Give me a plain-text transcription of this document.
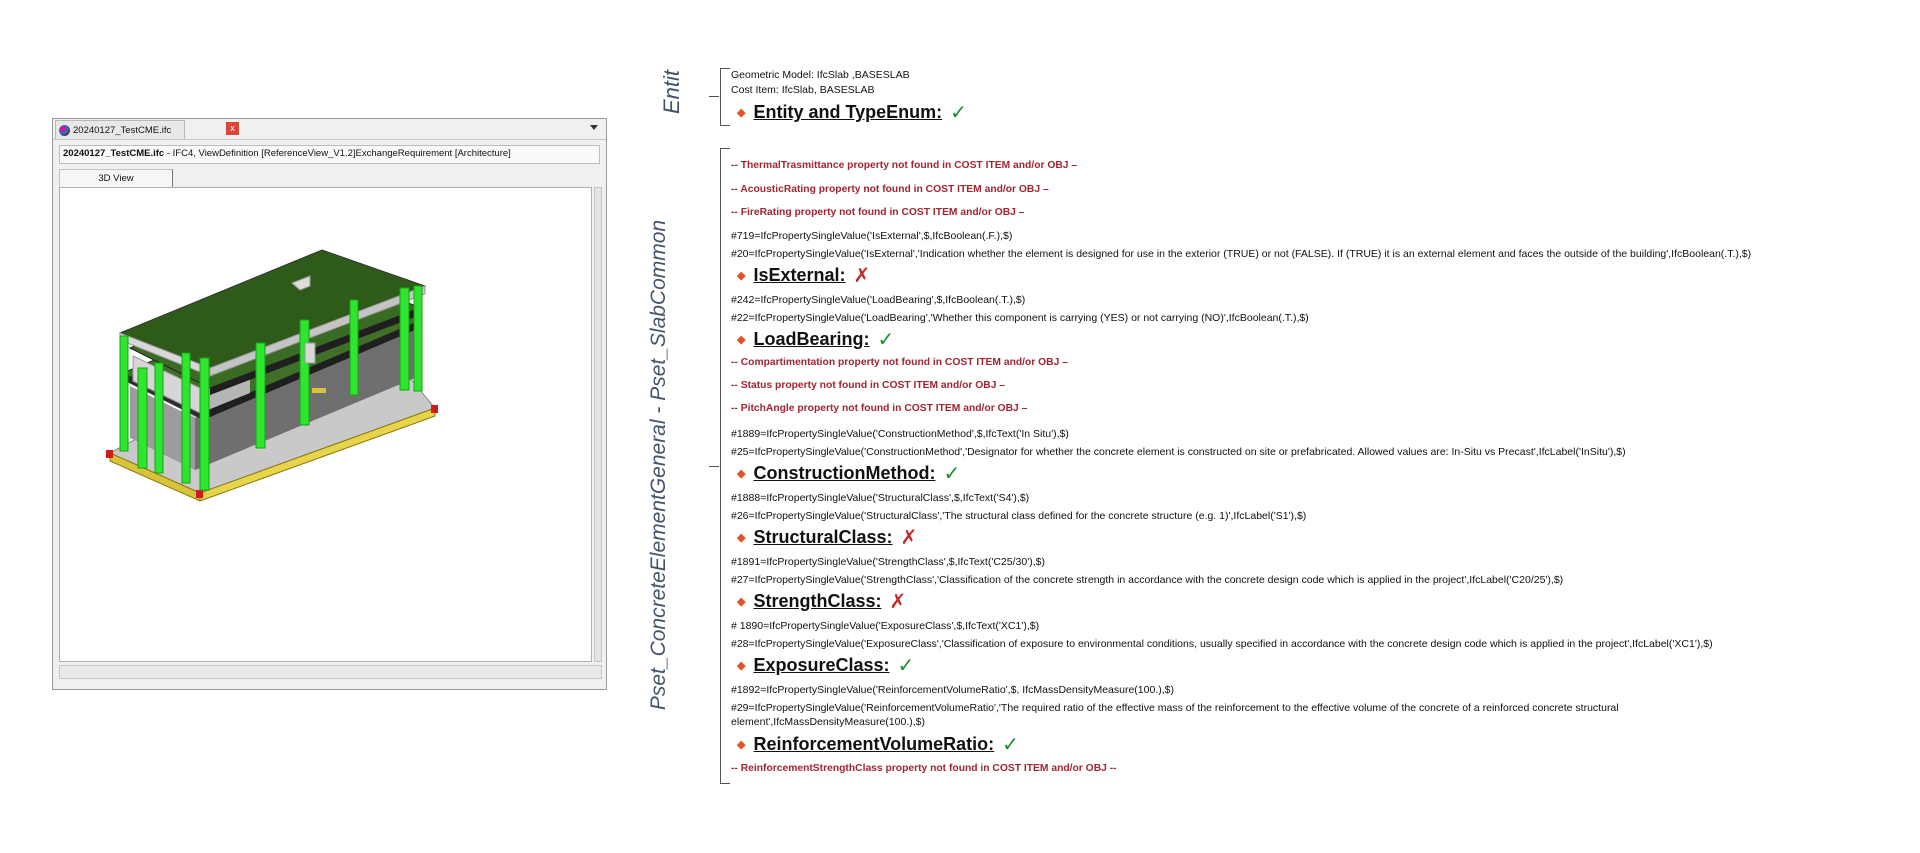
20240127_TestCME.ifc	x
20240127_TestCME.ifc - IFC4, ViewDefinition [ReferenceView_V1.2]ExchangeRequirement [Architecture]
3D View
Entit
Pset_ConcreteElementGeneral - Pset_SlabCommon
Geometric Model: IfcSlab ,BASESLAB
Cost Item: IfcSlab, BASESLAB
◆ Entity and TypeEnum: ✓
-- ThermalTrasmittance property not found in COST ITEM and/or OBJ –
-- AcousticRating property not found in COST ITEM and/or OBJ –
-- FireRating property not found in COST ITEM and/or OBJ –
#719=IfcPropertySingleValue('IsExternal',$,IfcBoolean(.F.),$)
#20=IfcPropertySingleValue('IsExternal','Indication whether the element is designed for use in the exterior (TRUE) or not (FALSE). If (TRUE) it is an external element and faces the outside of the building',IfcBoolean(.T.),$)
◆ IsExternal: ✗
#242=IfcPropertySingleValue('LoadBearing',$,IfcBoolean(.T.),$)
#22=IfcPropertySingleValue('LoadBearing','Whether this component is carrying (YES) or not carrying (NO)',IfcBoolean(.T.),$)
◆ LoadBearing: ✓
-- Compartimentation property not found in COST ITEM and/or OBJ –
-- Status property not found in COST ITEM and/or OBJ –
-- PitchAngle property not found in COST ITEM and/or OBJ –
#1889=IfcPropertySingleValue('ConstructionMethod',$,IfcText('In Situ'),$)
#25=IfcPropertySingleValue('ConstructionMethod','Designator for whether the concrete element is constructed on site or prefabricated. Allowed values are: In-Situ vs Precast',IfcLabel('InSitu'),$)
◆ ConstructionMethod: ✓
#1888=IfcPropertySingleValue('StructuralClass',$,IfcText('S4'),$)
#26=IfcPropertySingleValue('StructuralClass','The structural class defined for the concrete structure (e.g. 1)',IfcLabel('S1'),$)
◆ StructuralClass: ✗
#1891=IfcPropertySingleValue('StrengthClass',$,IfcText('C25/30'),$)
#27=IfcPropertySingleValue('StrengthClass','Classification of the concrete strength in accordance with the concrete design code which is applied in the project',IfcLabel('C20/25'),$)
◆ StrengthClass: ✗
# 1890=IfcPropertySingleValue('ExposureClass',$,IfcText('XC1'),$)
#28=IfcPropertySingleValue('ExposureClass','Classification of exposure to environmental conditions, usually specified in accordance with the concrete design code which is applied in the project',IfcLabel('XC1'),$)
◆ ExposureClass: ✓
#1892=IfcPropertySingleValue('ReinforcementVolumeRatio',$, IfcMassDensityMeasure(100.),$)
#29=IfcPropertySingleValue('ReinforcementVolumeRatio','The required ratio of the effective mass of the reinforcement to the effective volume of the concrete of a reinforced concrete structural
element',IfcMassDensityMeasure(100.),$)
◆ ReinforcementVolumeRatio: ✓
-- ReinforcementStrengthClass property not found in COST ITEM and/or OBJ --
